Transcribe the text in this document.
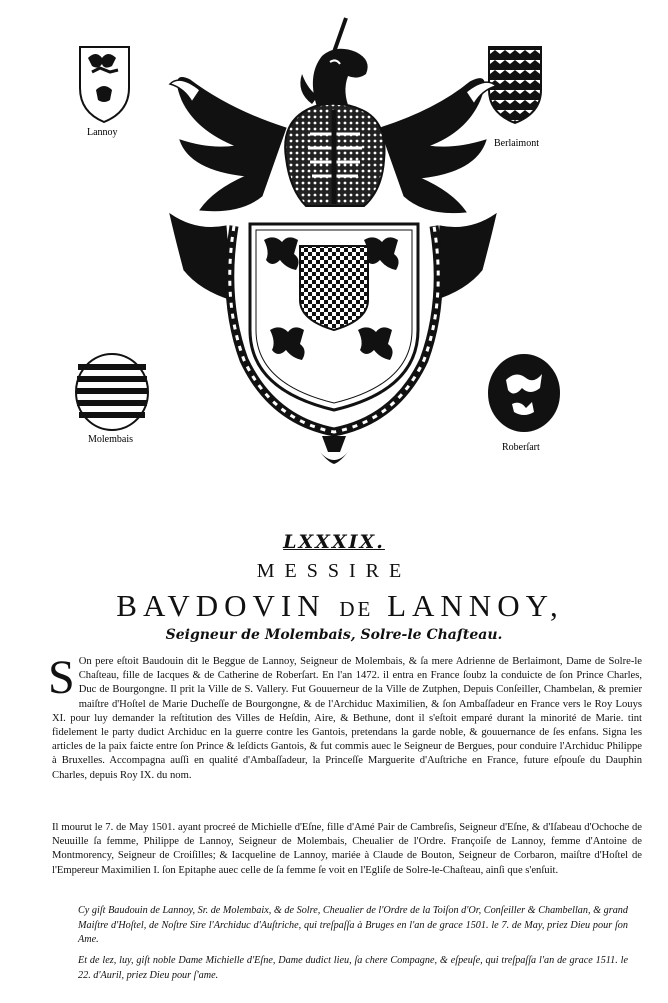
Lannoy
Berlaimont
Molembais
Roberſart
LXXXIX.
MESSIRE
BAVDOVIN DE LANNOY,
Seigneur de Molembais, Solre-le Chaſteau.
S On pere eſtoit Baudouin dit le Beggue de Lannoy, Seigneur de Molembais, & ſa mere Adrienne de Berlaimont, Dame de Solre-le Chaſteau, fille de Iacques & de Catherine de Roberſart. En l'an 1472. il entra en France ſoubz la conduicte de ſon Prince Charles, Duc de Bourgongne. Il prit la Ville de S. Vallery. Fut Gouuerneur de la Ville de Zutphen, Depuis Conſeiller, Chambelan, & premier maiſtre d'Hoſtel de Marie Ducheſſe de Bourgongne, & de l'Archiduc Maximilien, & ſon Ambaſſadeur en France vers le Roy Louys XI. pour luy demander la reſtitution des Villes de Heſdin, Aire, & Bethune, dont il s'eſtoit emparé durant la minorité de Marie. tint fidelement le party dudict Archiduc en la guerre contre les Gantois, pretendans la garde noble, & gouuernance de ſes enfans. Signa les articles de la paix faicte entre ſon Prince & leſdicts Gantois, & fut commis auec le Seigneur de Bergues, pour conduire l'Archiduc Philippe à Bruxelles. Accompagna auſſi en qualité d'Ambaſſadeur, la Princeſſe Marguerite d'Auſtriche en France, future eſpouſe du Dauphin Charles, depuis Roy IX. du nom.
Il mourut le 7. de May 1501. ayant procreé de Michielle d'Eſne, fille d'Amé Pair de Cambreſis, Seigneur d'Eſne, & d'Iſabeau d'Ochoche de Neuuille ſa femme, Philippe de Lannoy, Seigneur de Molembais, Cheualier de l'Ordre. Françoiſe de Lannoy, femme d'Antoine de Montmorency, Seigneur de Croiſilles; & Iacqueline de Lannoy, mariée à Claude de Bouton, Seigneur de Corbaron, maiſtre d'Hoſtel de l'Empereur Maximilien I. ſon Epitaphe auec celle de ſa femme ſe voit en l'Egliſe de Solre-le-Chaſteau, ainſi que s'enſuit.
Cy giſt Baudouin de Lannoy, Sr. de Molembaix, & de Solre, Cheualier de l'Ordre de la Toiſon d'Or, Conſeiller & Chambellan, & grand Maiſtre d'Hoſtel, de Noſtre Sire l'Archiduc d'Auſtriche, qui treſpaſſa à Bruges en l'an de grace 1501. le 7. de May, priez Dieu pour ſon Ame.
Et de lez, luy, giſt noble Dame Michielle d'Eſne, Dame dudict lieu, ſa chere Compagne, & eſpeuſe, qui treſpaſſa l'an de grace 1511. le 22. d'Auril, priez Dieu pour ſ'ame.
